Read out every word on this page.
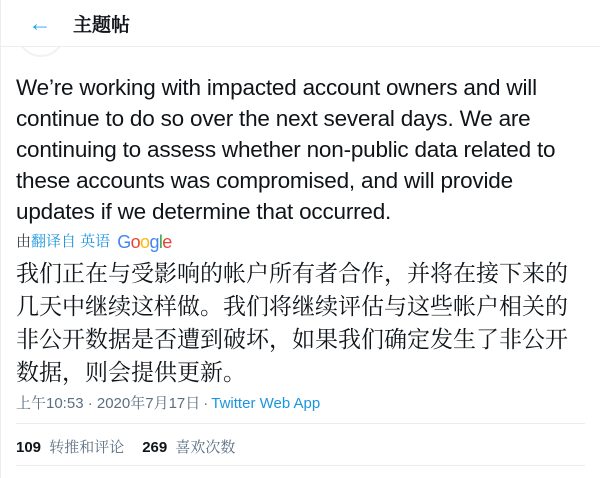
← 主题帖

We’re working with impacted account owners and will
continue to do so over the next several days. We are
continuing to assess whether non-public data related to
these accounts was compromised, and will provide
updates if we determine that occurred.

由 翻译自 英语 G o o g l e

我们正在与受影响的帐户所有者合作，并将在接下来的
几天中继续这样做。我们将继续评估与这些帐户相关的
非公开数据是否遭到破坏，如果我们确定发生了非公开
数据，则会提供更新。

上午10:53 · 2020年7月17日 · Twitter Web App
109 转推和评论 269 喜欢次数
